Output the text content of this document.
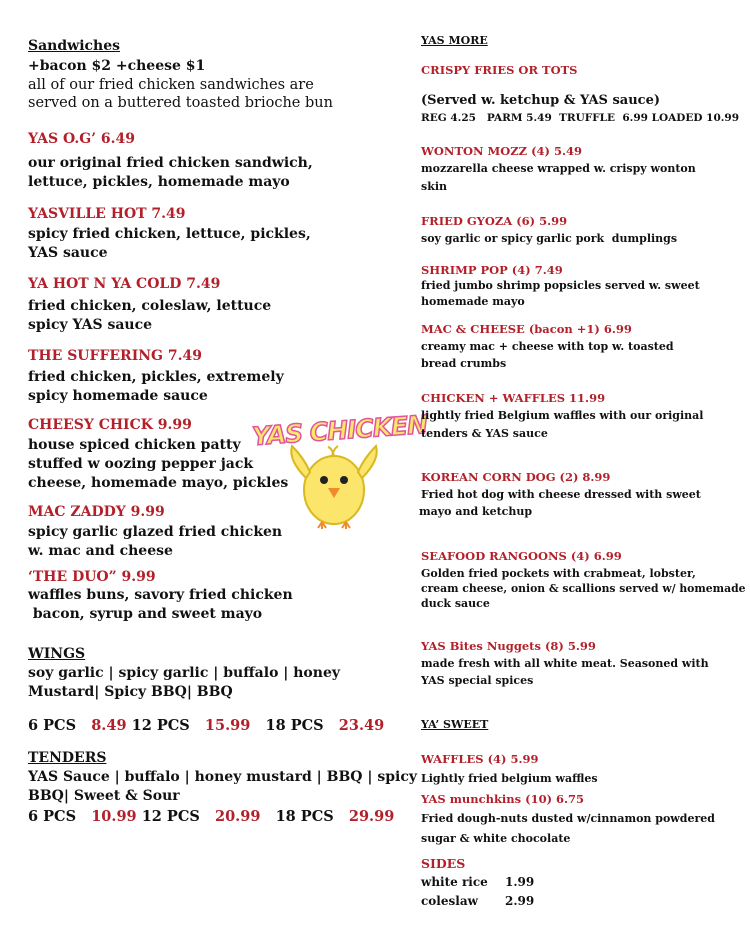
Sandwiches
+bacon $2 +cheese $1
all of our fried chicken sandwiches are
served on a buttered toasted brioche bun
YAS O.G’ 6.49
our original fried chicken sandwich,
lettuce, pickles, homemade mayo
YASVILLE HOT 7.49
spicy fried chicken, lettuce, pickles,
YAS sauce
YA HOT N YA COLD 7.49
fried chicken, coleslaw, lettuce
spicy YAS sauce
THE SUFFERING 7.49
fried chicken, pickles, extremely
spicy homemade sauce
CHEESY CHICK 9.99
house spiced chicken patty
stuffed w oozing pepper jack
cheese, homemade mayo, pickles
MAC ZADDY 9.99
spicy garlic glazed fried chicken
w. mac and cheese
‘THE DUO” 9.99
waffles buns, savory fried chicken
bacon, syrup and sweet mayo
WINGS
soy garlic | spicy garlic | buffalo | honey
Mustard| Spicy BBQ| BBQ
6 PCS 8.49 12 PCS 15.99 18 PCS 23.49
TENDERS
YAS Sauce | buffalo | honey mustard | BBQ | spicy
BBQ| Sweet & Sour
6 PCS 10.99 12 PCS 20.99 18 PCS 29.99
YAS CHICKEN
YAS MORE
CRISPY FRIES OR TOTS
(Served w. ketchup & YAS sauce)
REG 4.25   PARM 5.49  TRUFFLE  6.99 LOADED 10.99
WONTON MOZZ (4) 5.49
mozzarella cheese wrapped w. crispy wonton
skin
FRIED GYOZA (6) 5.99
soy garlic or spicy garlic pork  dumplings
SHRIMP POP (4) 7.49
fried jumbo shrimp popsicles served w. sweet
homemade mayo
MAC & CHEESE (bacon +1) 6.99
creamy mac + cheese with top w. toasted
bread crumbs
CHICKEN + WAFFLES 11.99
lightly fried Belgium waffles with our original
tenders & YAS sauce
KOREAN CORN DOG (2) 8.99
Fried hot dog with cheese dressed with sweet
mayo and ketchup
SEAFOOD RANGOONS (4) 6.99
Golden fried pockets with crabmeat, lobster,
cream cheese, onion & scallions served w/ homemade
duck sauce
YAS Bites Nuggets (8) 5.99
made fresh with all white meat. Seasoned with
YAS special spices
YA’ SWEET
WAFFLES (4) 5.99
Lightly fried belgium waffles
YAS munchkins (10) 6.75
Fried dough-nuts dusted w/cinnamon powdered
sugar & white chocolate
SIDES
white rice 1.99
coleslaw 2.99
